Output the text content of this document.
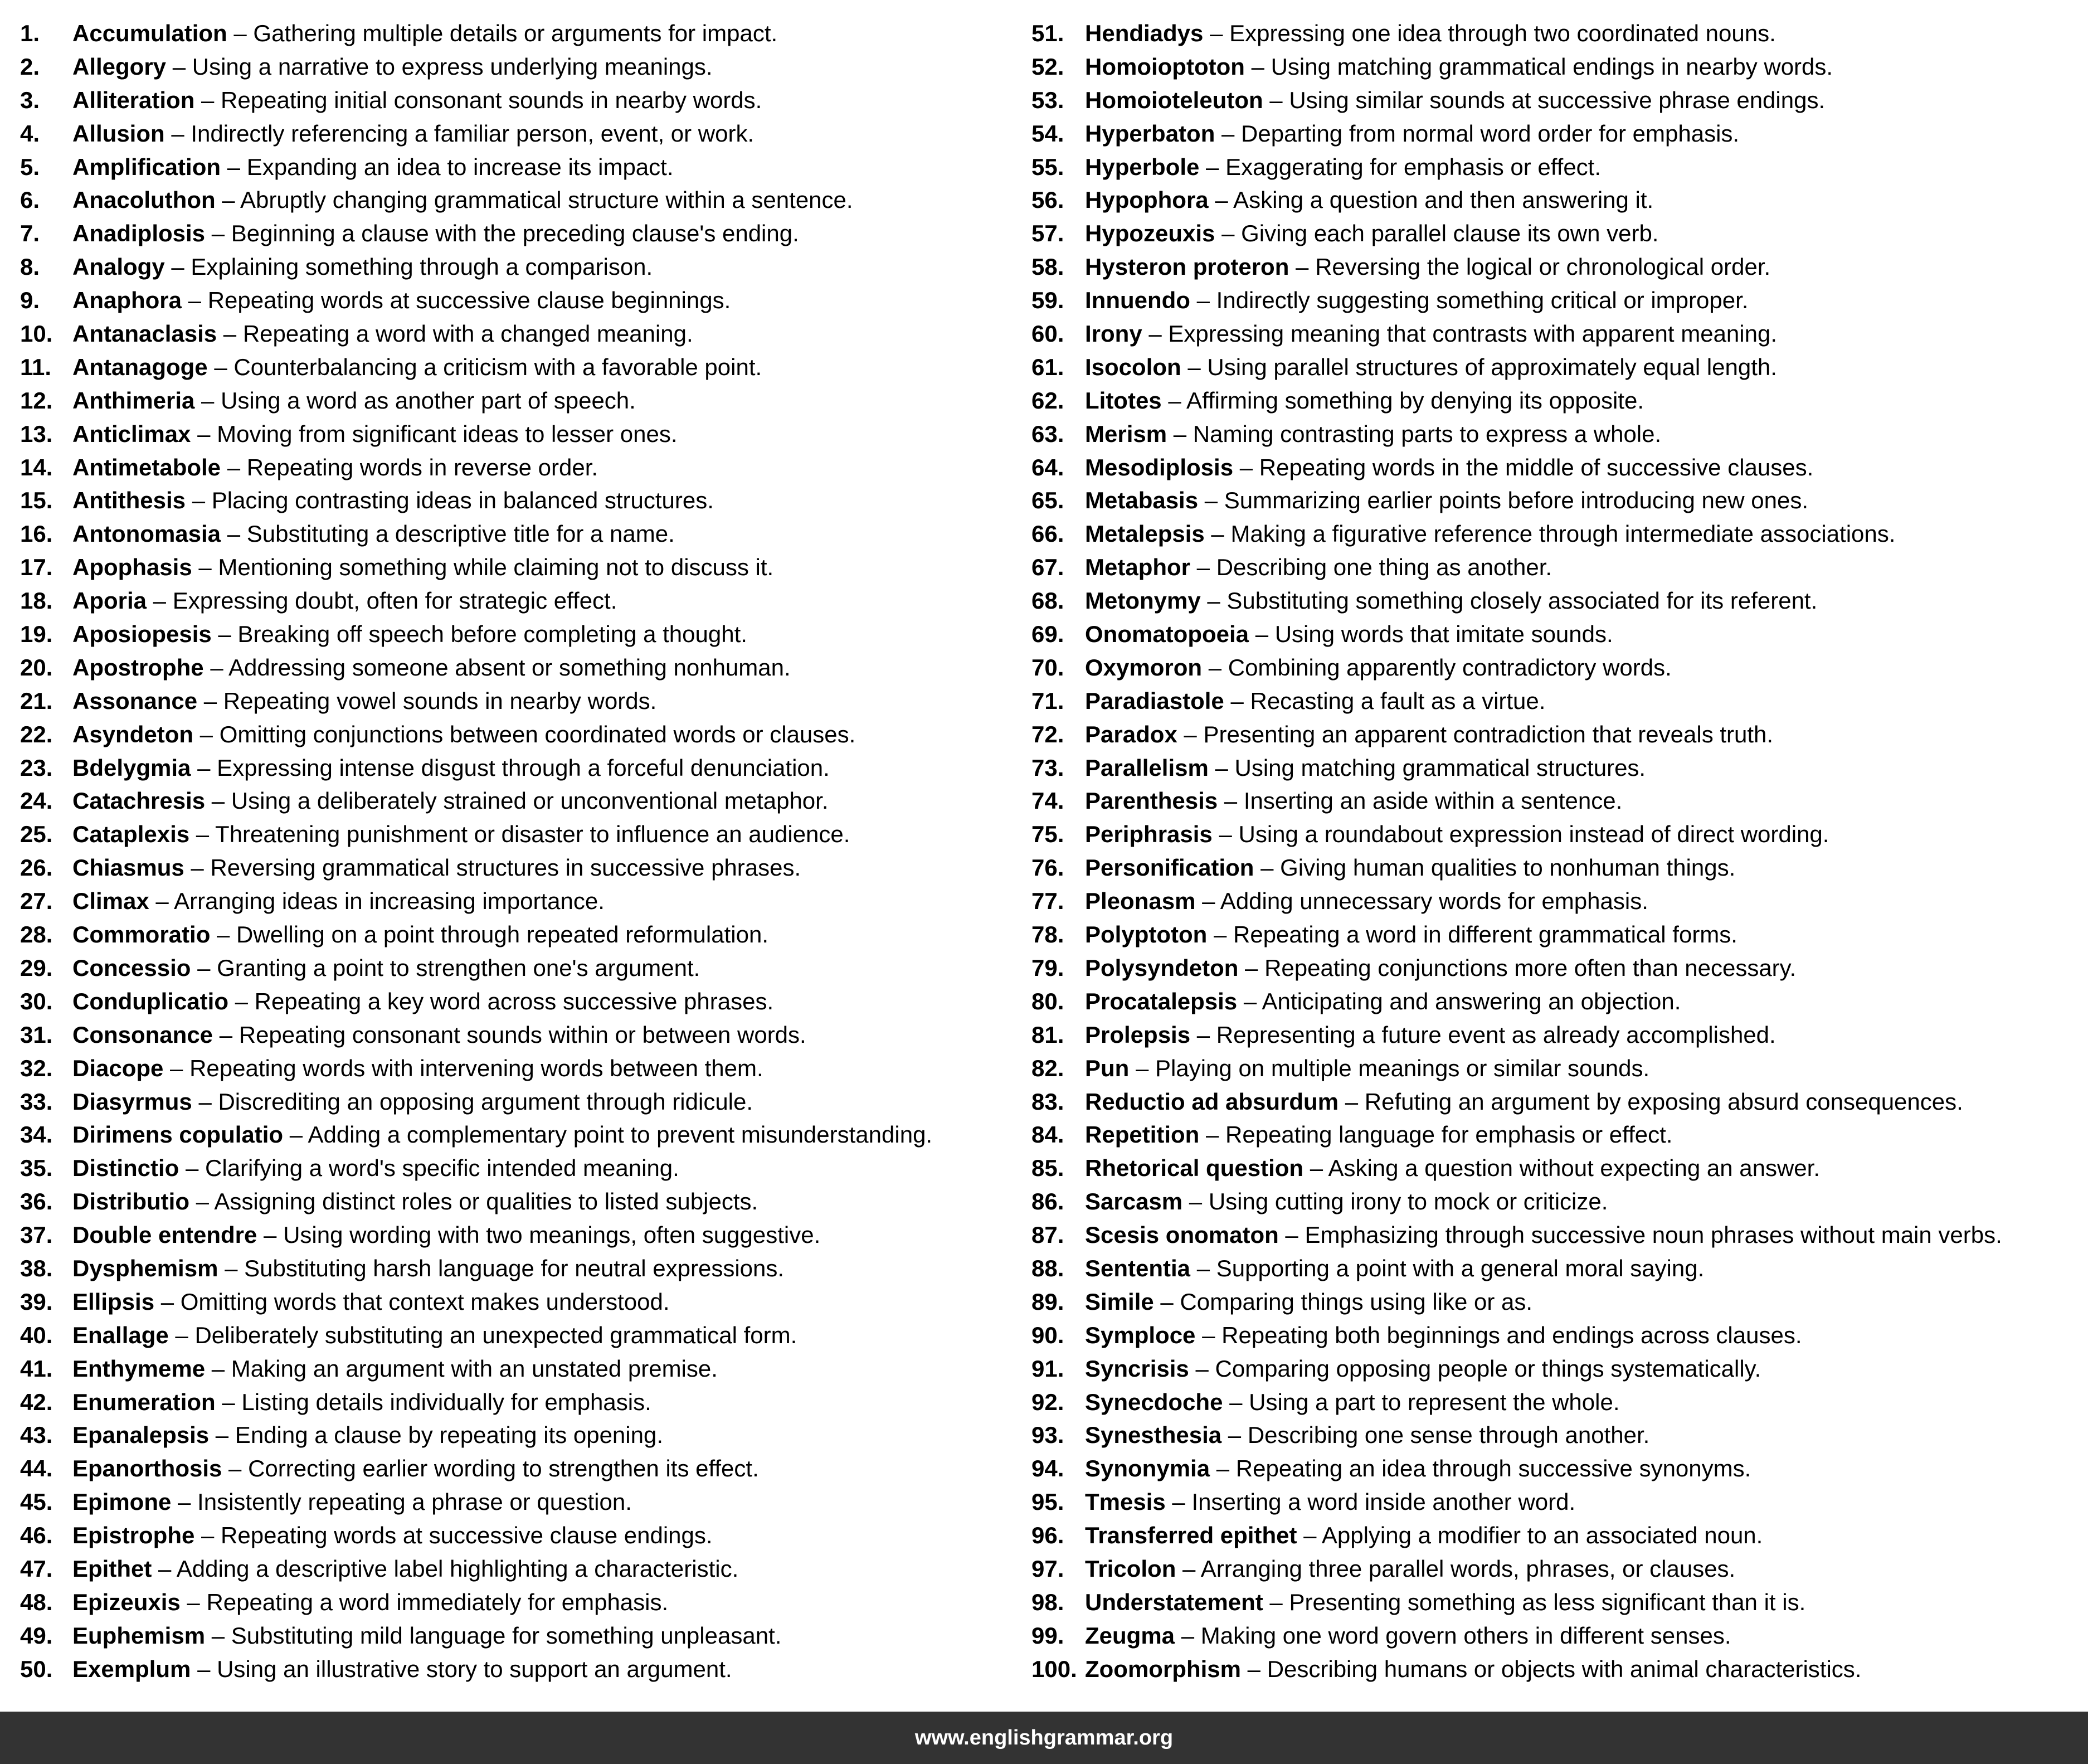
1.	Accumulation – Gathering multiple details or arguments for impact.
2.	Allegory – Using a narrative to express underlying meanings.
3.	Alliteration – Repeating initial consonant sounds in nearby words.
4.	Allusion – Indirectly referencing a familiar person, event, or work.
5.	Amplification – Expanding an idea to increase its impact.
6.	Anacoluthon – Abruptly changing grammatical structure within a sentence.
7.	Anadiplosis – Beginning a clause with the preceding clause's ending.
8.	Analogy – Explaining something through a comparison.
9.	Anaphora – Repeating words at successive clause beginnings.
10. Antanaclasis – Repeating a word with a changed meaning.
11. Antanagoge – Counterbalancing a criticism with a favorable point.
12. Anthimeria – Using a word as another part of speech.
13. Anticlimax – Moving from significant ideas to lesser ones.
14. Antimetabole – Repeating words in reverse order.
15. Antithesis – Placing contrasting ideas in balanced structures.
16. Antonomasia – Substituting a descriptive title for a name.
17. Apophasis – Mentioning something while claiming not to discuss it.
18. Aporia – Expressing doubt, often for strategic effect.
19. Aposiopesis – Breaking off speech before completing a thought.
20. Apostrophe – Addressing someone absent or something nonhuman.
21. Assonance – Repeating vowel sounds in nearby words.
22. Asyndeton – Omitting conjunctions between coordinated words or clauses.
23. Bdelygmia – Expressing intense disgust through a forceful denunciation.
24. Catachresis – Using a deliberately strained or unconventional metaphor.
25. Cataplexis – Threatening punishment or disaster to influence an audience.
26. Chiasmus – Reversing grammatical structures in successive phrases.
27. Climax – Arranging ideas in increasing importance.
28. Commoratio – Dwelling on a point through repeated reformulation.
29. Concessio – Granting a point to strengthen one's argument.
30. Conduplicatio – Repeating a key word across successive phrases.
31. Consonance – Repeating consonant sounds within or between words.
32. Diacope – Repeating words with intervening words between them.
33. Diasyrmus – Discrediting an opposing argument through ridicule.
34. Dirimens copulatio – Adding a complementary point to prevent misunderstanding.
35. Distinctio – Clarifying a word's specific intended meaning.
36. Distributio – Assigning distinct roles or qualities to listed subjects.
37. Double entendre – Using wording with two meanings, often suggestive.
38. Dysphemism – Substituting harsh language for neutral expressions.
39. Ellipsis – Omitting words that context makes understood.
40. Enallage – Deliberately substituting an unexpected grammatical form.
41. Enthymeme – Making an argument with an unstated premise.
42. Enumeration – Listing details individually for emphasis.
43. Epanalepsis – Ending a clause by repeating its opening.
44. Epanorthosis – Correcting earlier wording to strengthen its effect.
45. Epimone – Insistently repeating a phrase or question.
46. Epistrophe – Repeating words at successive clause endings.
47. Epithet – Adding a descriptive label highlighting a characteristic.
48. Epizeuxis – Repeating a word immediately for emphasis.
49. Euphemism – Substituting mild language for something unpleasant.
50. Exemplum – Using an illustrative story to support an argument.
51. Hendiadys – Expressing one idea through two coordinated nouns.
52. Homoioptoton – Using matching grammatical endings in nearby words.
53. Homoioteleuton – Using similar sounds at successive phrase endings.
54. Hyperbaton – Departing from normal word order for emphasis.
55. Hyperbole – Exaggerating for emphasis or effect.
56. Hypophora – Asking a question and then answering it.
57. Hypozeuxis – Giving each parallel clause its own verb.
58. Hysteron proteron – Reversing the logical or chronological order.
59. Innuendo – Indirectly suggesting something critical or improper.
60. Irony – Expressing meaning that contrasts with apparent meaning.
61. Isocolon – Using parallel structures of approximately equal length.
62. Litotes – Affirming something by denying its opposite.
63. Merism – Naming contrasting parts to express a whole.
64. Mesodiplosis – Repeating words in the middle of successive clauses.
65. Metabasis – Summarizing earlier points before introducing new ones.
66. Metalepsis – Making a figurative reference through intermediate associations.
67. Metaphor – Describing one thing as another.
68. Metonymy – Substituting something closely associated for its referent.
69. Onomatopoeia – Using words that imitate sounds.
70. Oxymoron – Combining apparently contradictory words.
71. Paradiastole – Recasting a fault as a virtue.
72. Paradox – Presenting an apparent contradiction that reveals truth.
73. Parallelism – Using matching grammatical structures.
74. Parenthesis – Inserting an aside within a sentence.
75. Periphrasis – Using a roundabout expression instead of direct wording.
76. Personification – Giving human qualities to nonhuman things.
77. Pleonasm – Adding unnecessary words for emphasis.
78. Polyptoton – Repeating a word in different grammatical forms.
79. Polysyndeton – Repeating conjunctions more often than necessary.
80. Procatalepsis – Anticipating and answering an objection.
81. Prolepsis – Representing a future event as already accomplished.
82. Pun – Playing on multiple meanings or similar sounds.
83. Reductio ad absurdum – Refuting an argument by exposing absurd consequences.
84. Repetition – Repeating language for emphasis or effect.
85. Rhetorical question – Asking a question without expecting an answer.
86. Sarcasm – Using cutting irony to mock or criticize.
87. Scesis onomaton – Emphasizing through successive noun phrases without main verbs.
88. Sententia – Supporting a point with a general moral saying.
89. Simile – Comparing things using like or as.
90. Symploce – Repeating both beginnings and endings across clauses.
91. Syncrisis – Comparing opposing people or things systematically.
92. Synecdoche – Using a part to represent the whole.
93. Synesthesia – Describing one sense through another.
94. Synonymia – Repeating an idea through successive synonyms.
95. Tmesis – Inserting a word inside another word.
96. Transferred epithet – Applying a modifier to an associated noun.
97. Tricolon – Arranging three parallel words, phrases, or clauses.
98. Understatement – Presenting something as less significant than it is.
99. Zeugma – Making one word govern others in different senses.
100. Zoomorphism – Describing humans or objects with animal characteristics.
www.englishgrammar.org
